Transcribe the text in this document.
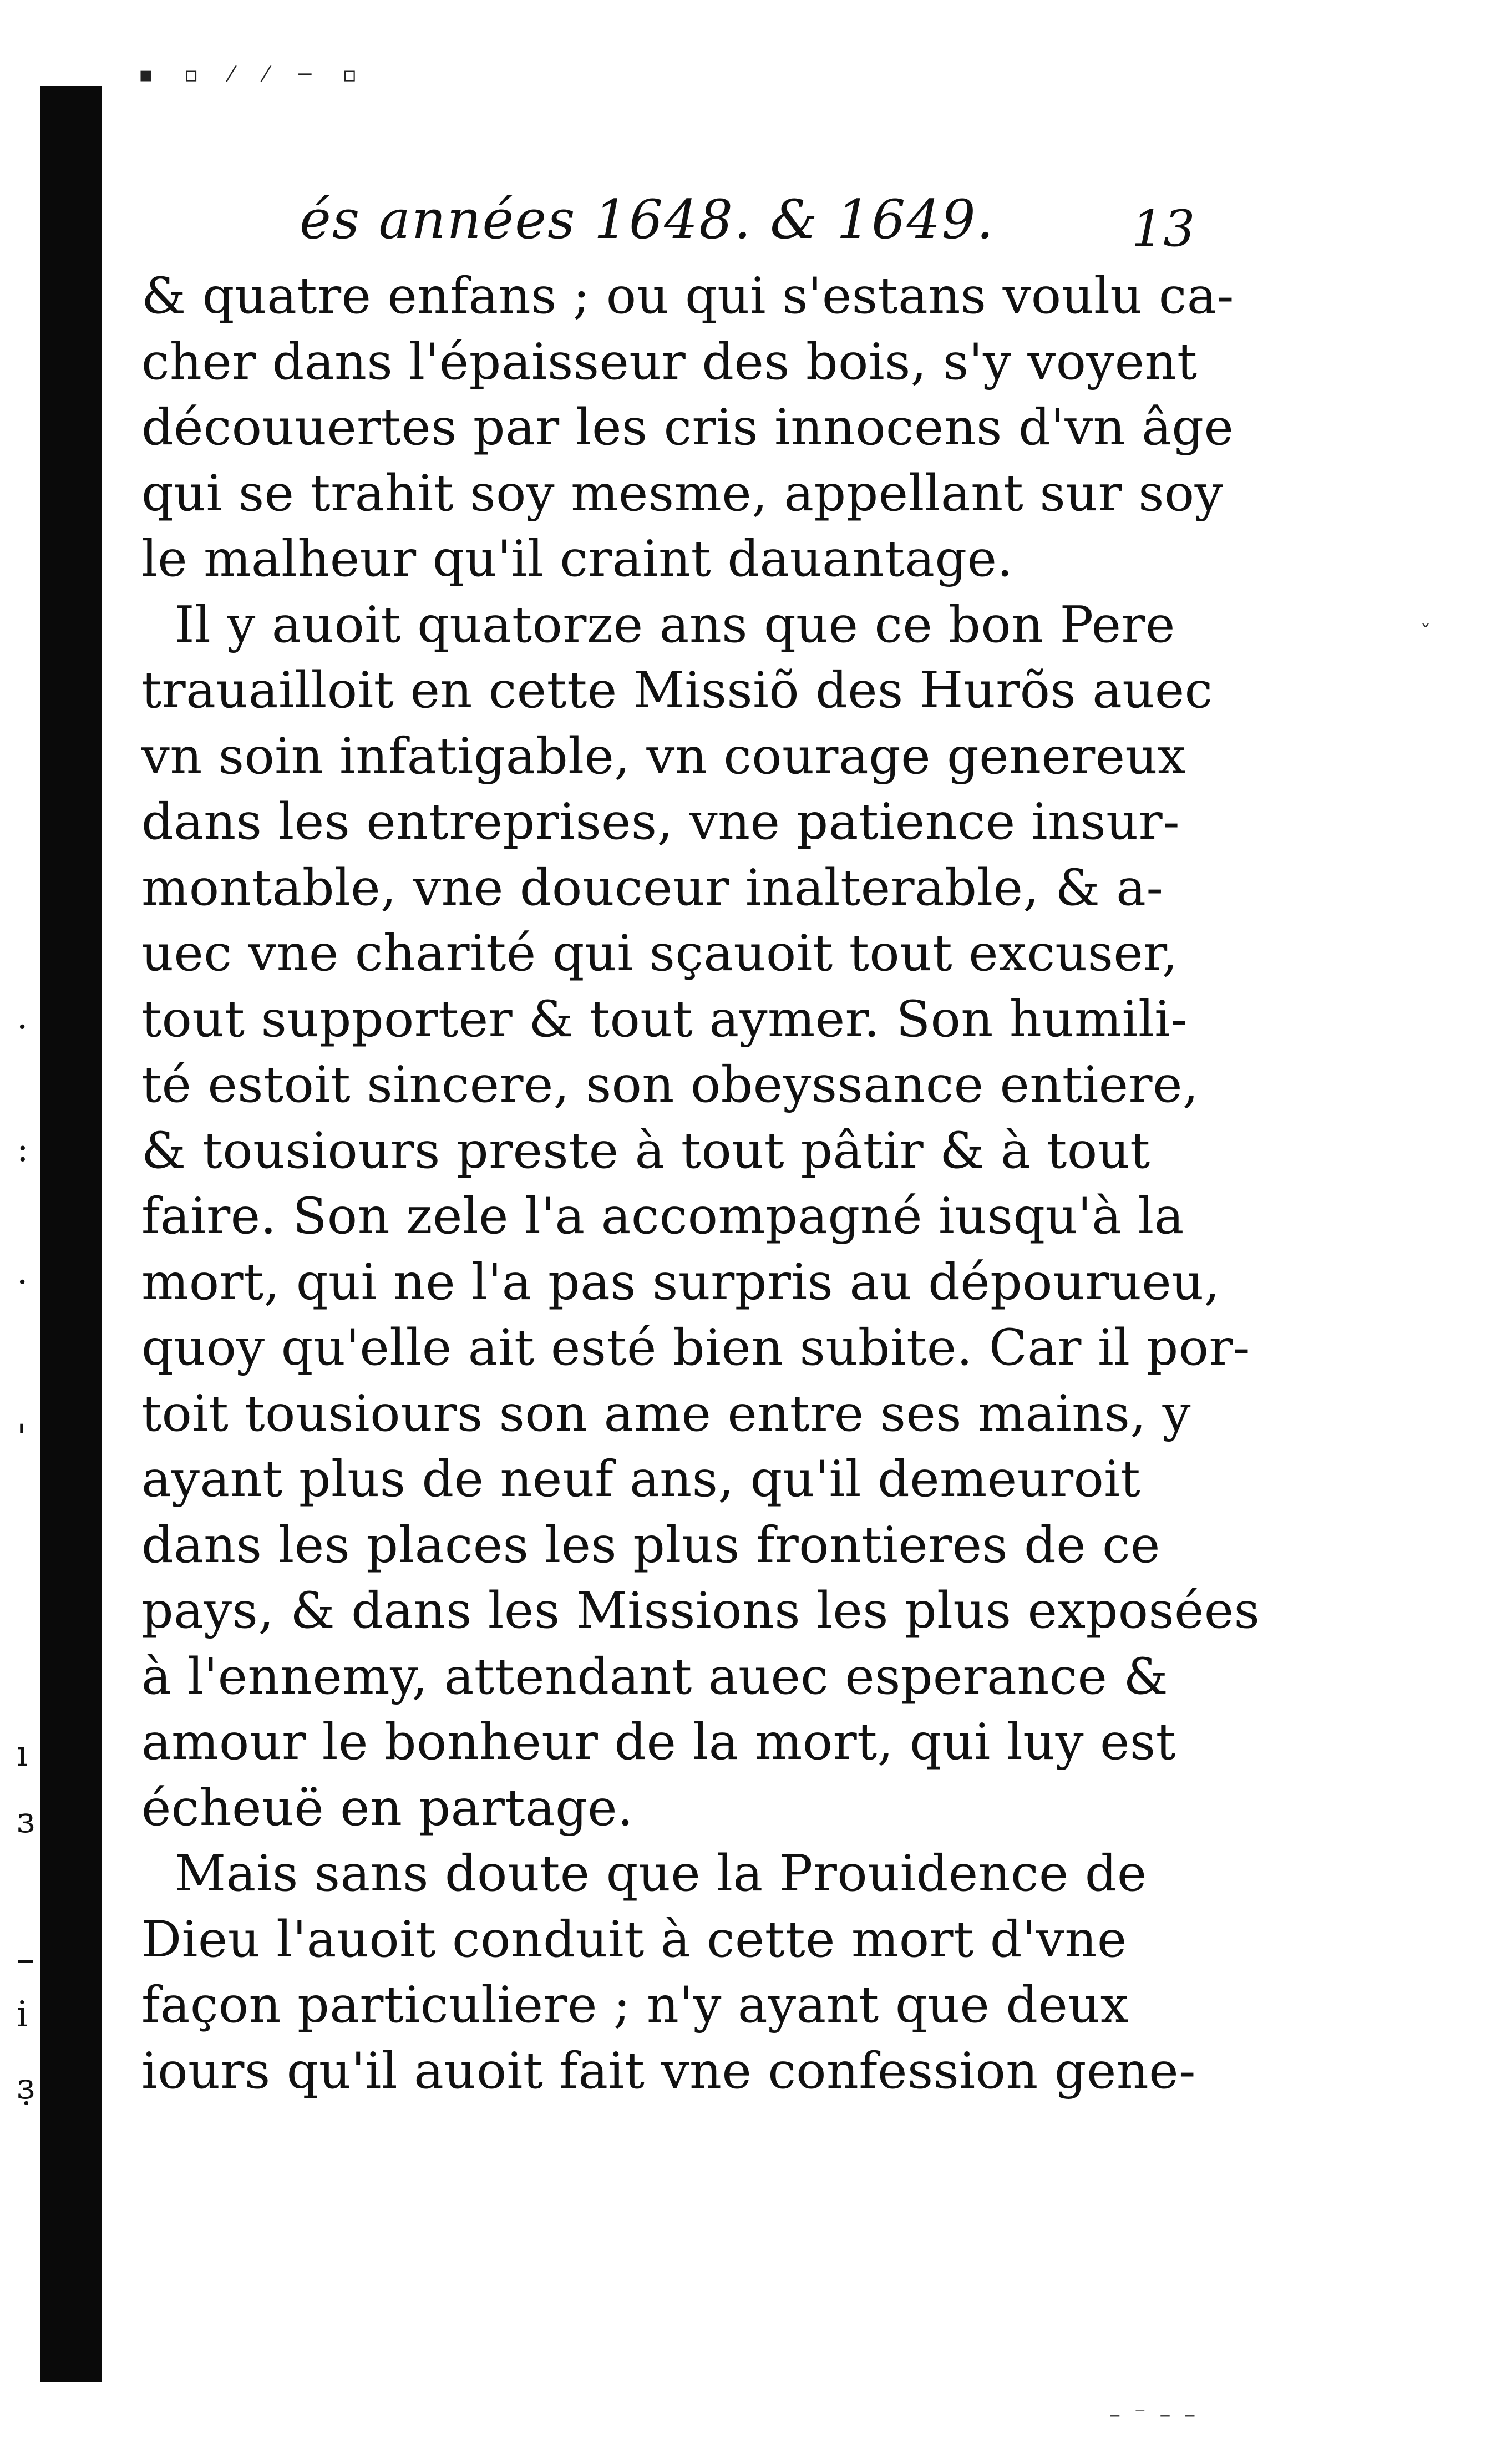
▪ ▫ ⁄ ⁄ ─ ▫
:
·
'
·
ı
ɜ
–
i
ɜ̣
és années 1648. & 1649.	13
& quatre enfans ; ou qui s'estans voulu ca-
cher dans l'épaisseur des bois, s'y voyent
découuertes par les cris innocens d'vn âge
qui se trahit soy mesme, appellant sur soy
le malheur qu'il craint dauantage.
Il y auoit quatorze ans que ce bon Pere
trauailloit en cette Missiõ des Hurõs auec
vn soin infatigable, vn courage genereux
dans les entreprises, vne patience insur-
montable, vne douceur inalterable, & a-
uec vne charité qui sçauoit tout excuser,
tout supporter & tout aymer. Son humili-
té estoit sincere, son obeyssance entiere,
& tousiours preste à tout pâtir & à tout
faire. Son zele l'a accompagné iusqu'à la
mort, qui ne l'a pas surpris au dépourueu,
quoy qu'elle ait esté bien subite. Car il por-
toit tousiours son ame entre ses mains, y
ayant plus de neuf ans, qu'il demeuroit
dans les places les plus frontieres de ce
pays, & dans les Missions les plus exposées
à l'ennemy, attendant auec esperance &
amour le bonheur de la mort, qui luy est
écheuë en partage.
Mais sans doute que la Prouidence de
Dieu l'auoit conduit à cette mort d'vne
façon particuliere ; n'y ayant que deux
iours qu'il auoit fait vne confession gene-
ˇ
– ⁻ – –
